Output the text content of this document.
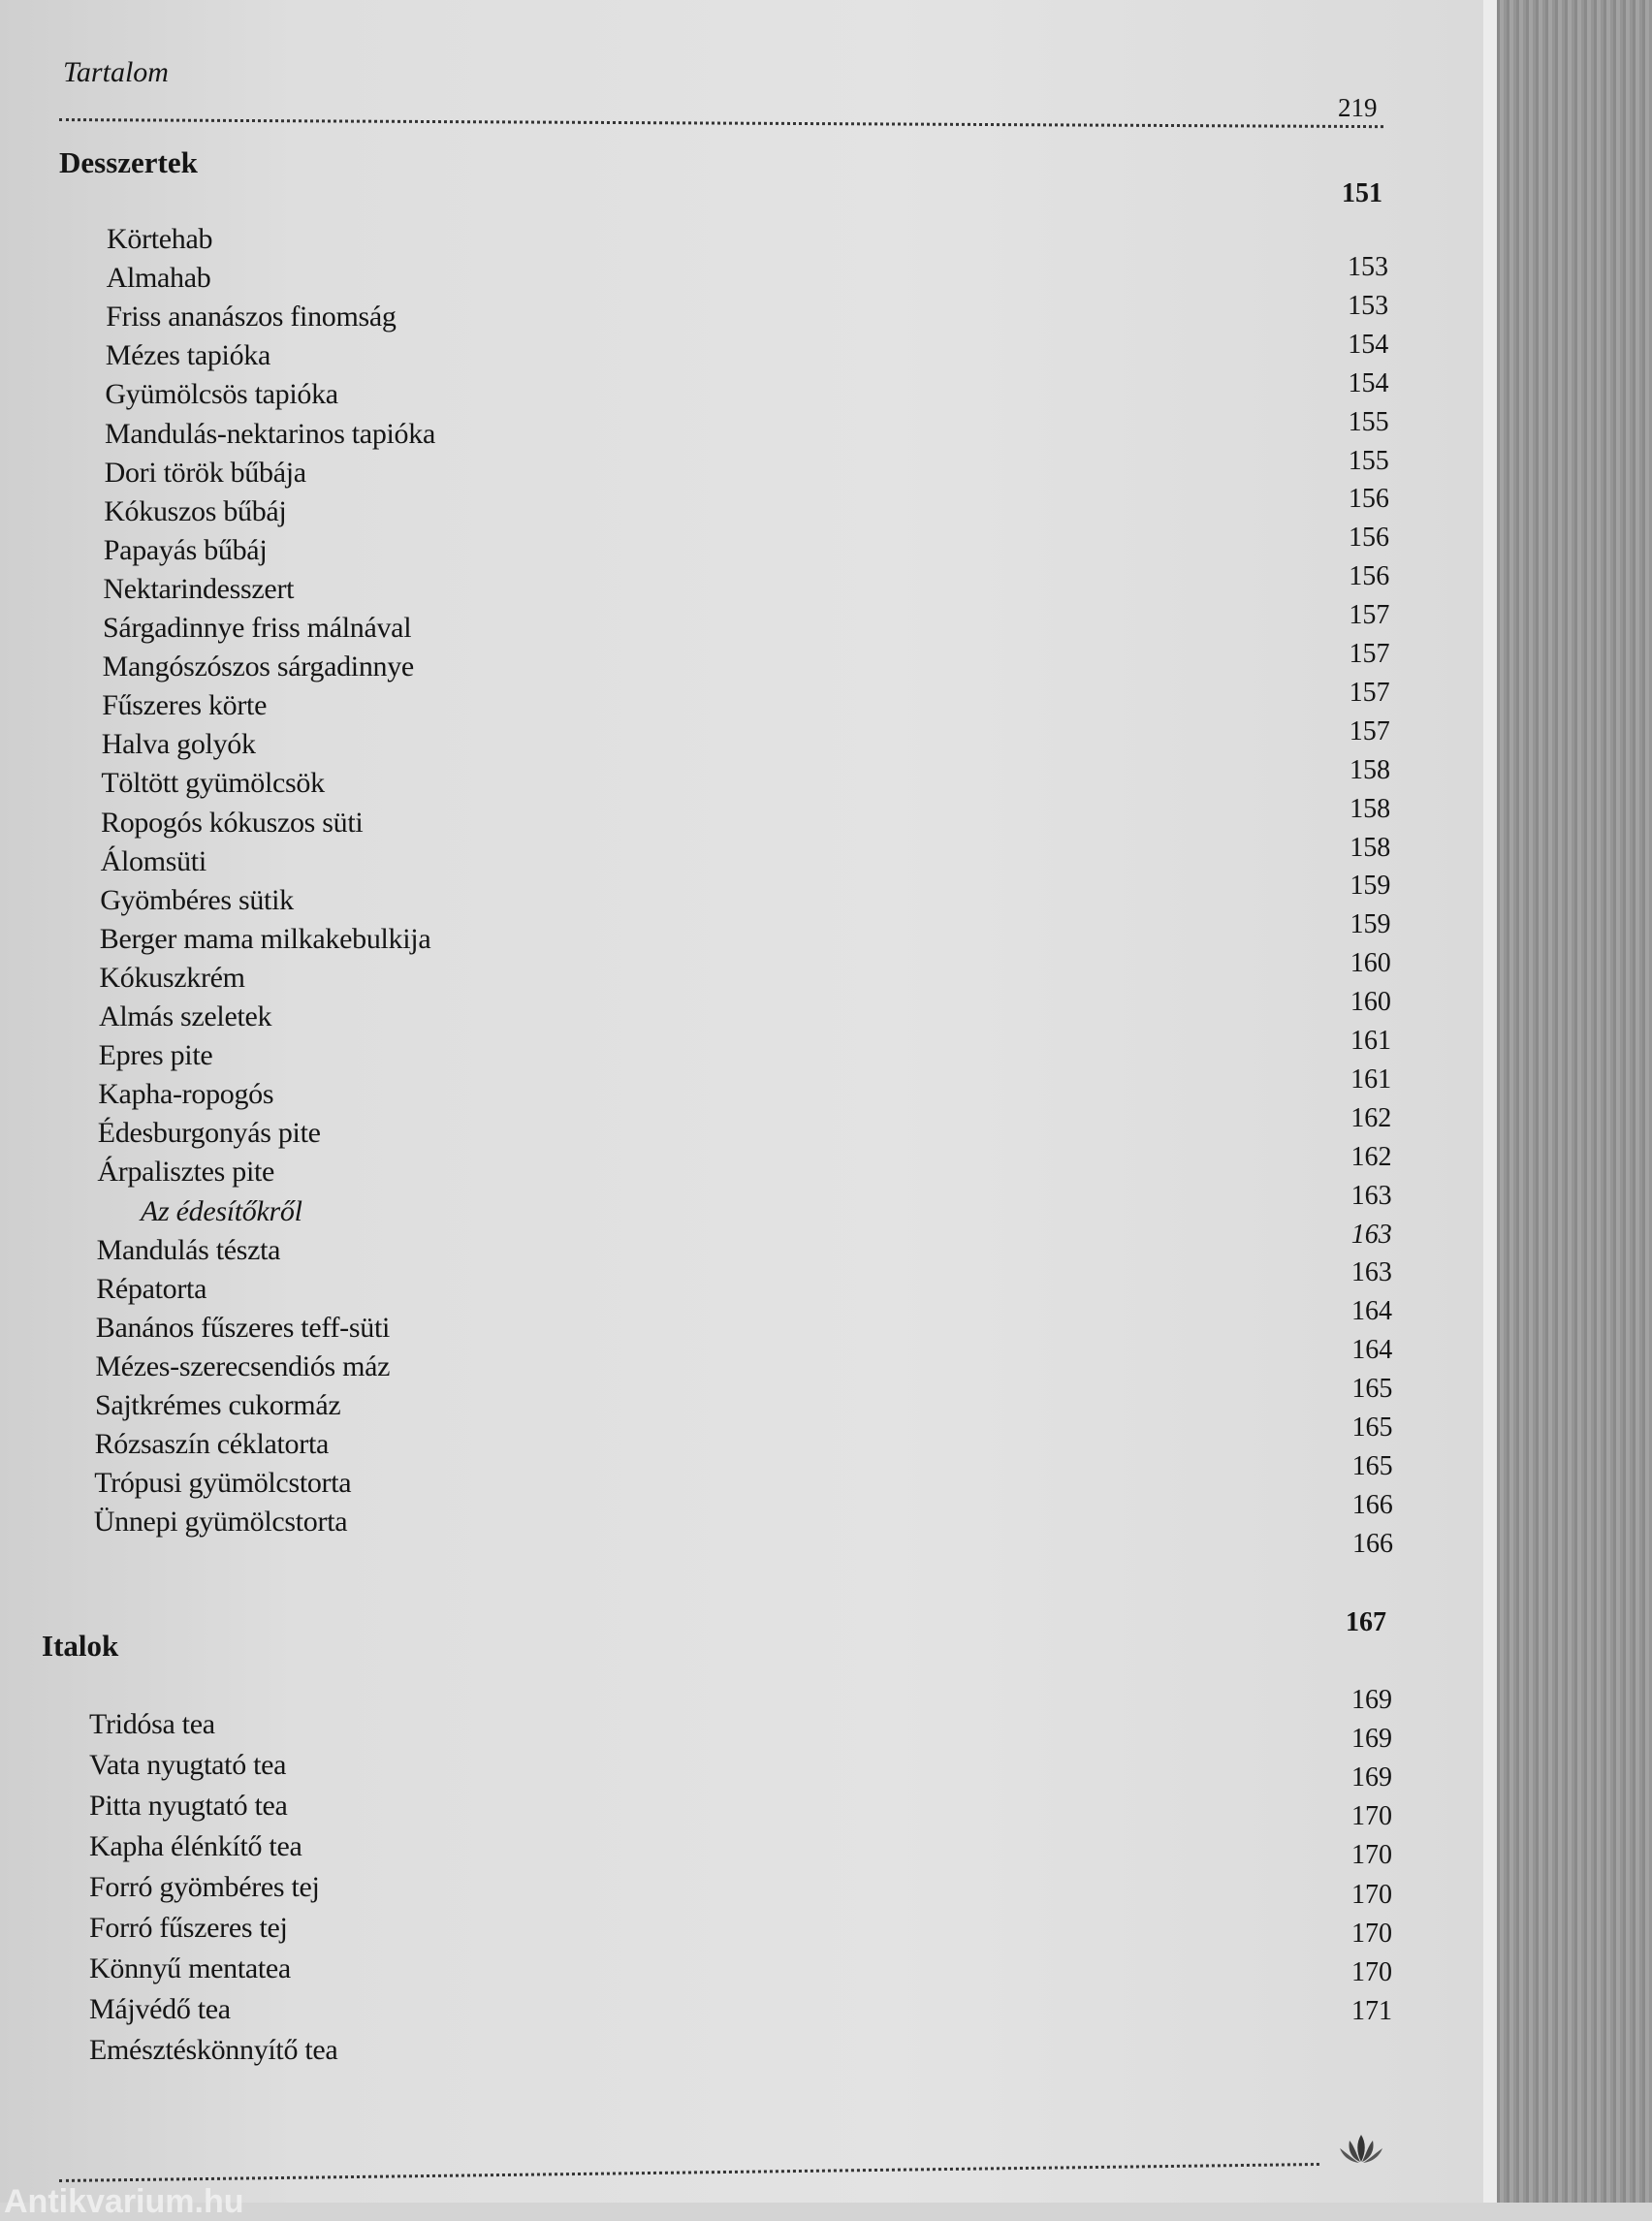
Tartalom
219
Desszertek
151
Körtehab
Almahab
Friss ananászos finomság
Mézes tapióka
Gyümölcsös tapióka
Mandulás-nektarinos tapióka
Dori török bűbája
Kókuszos bűbáj
Papayás bűbáj
Nektarindesszert
Sárgadinnye friss málnával
Mangószószos sárgadinnye
Fűszeres körte
Halva golyók
Töltött gyümölcsök
Ropogós kókuszos süti
Álomsüti
Gyömbéres sütik
Berger mama milkakebulkija
Kókuszkrém
Almás szeletek
Epres pite
Kapha-ropogós
Édesburgonyás pite
Árpalisztes pite
Az édesítőkről
Mandulás tészta
Répatorta
Banános fűszeres teff-süti
Mézes-szerecsendiós máz
Sajtkrémes cukormáz
Rózsaszín céklatorta
Trópusi gyümölcstorta
Ünnepi gyümölcstorta
153
153
154
154
155
155
156
156
156
157
157
157
157
158
158
158
159
159
160
160
161
161
162
162
163
163
163
164
164
165
165
165
166
166
Italok
167
Tridósa tea
Vata nyugtató tea
Pitta nyugtató tea
Kapha élénkítő tea
Forró gyömbéres tej
Forró fűszeres tej
Könnyű mentatea
Májvédő tea
Emésztéskönnyítő tea
169
169
169
170
170
170
170
170
171
Antikvarium.hu
